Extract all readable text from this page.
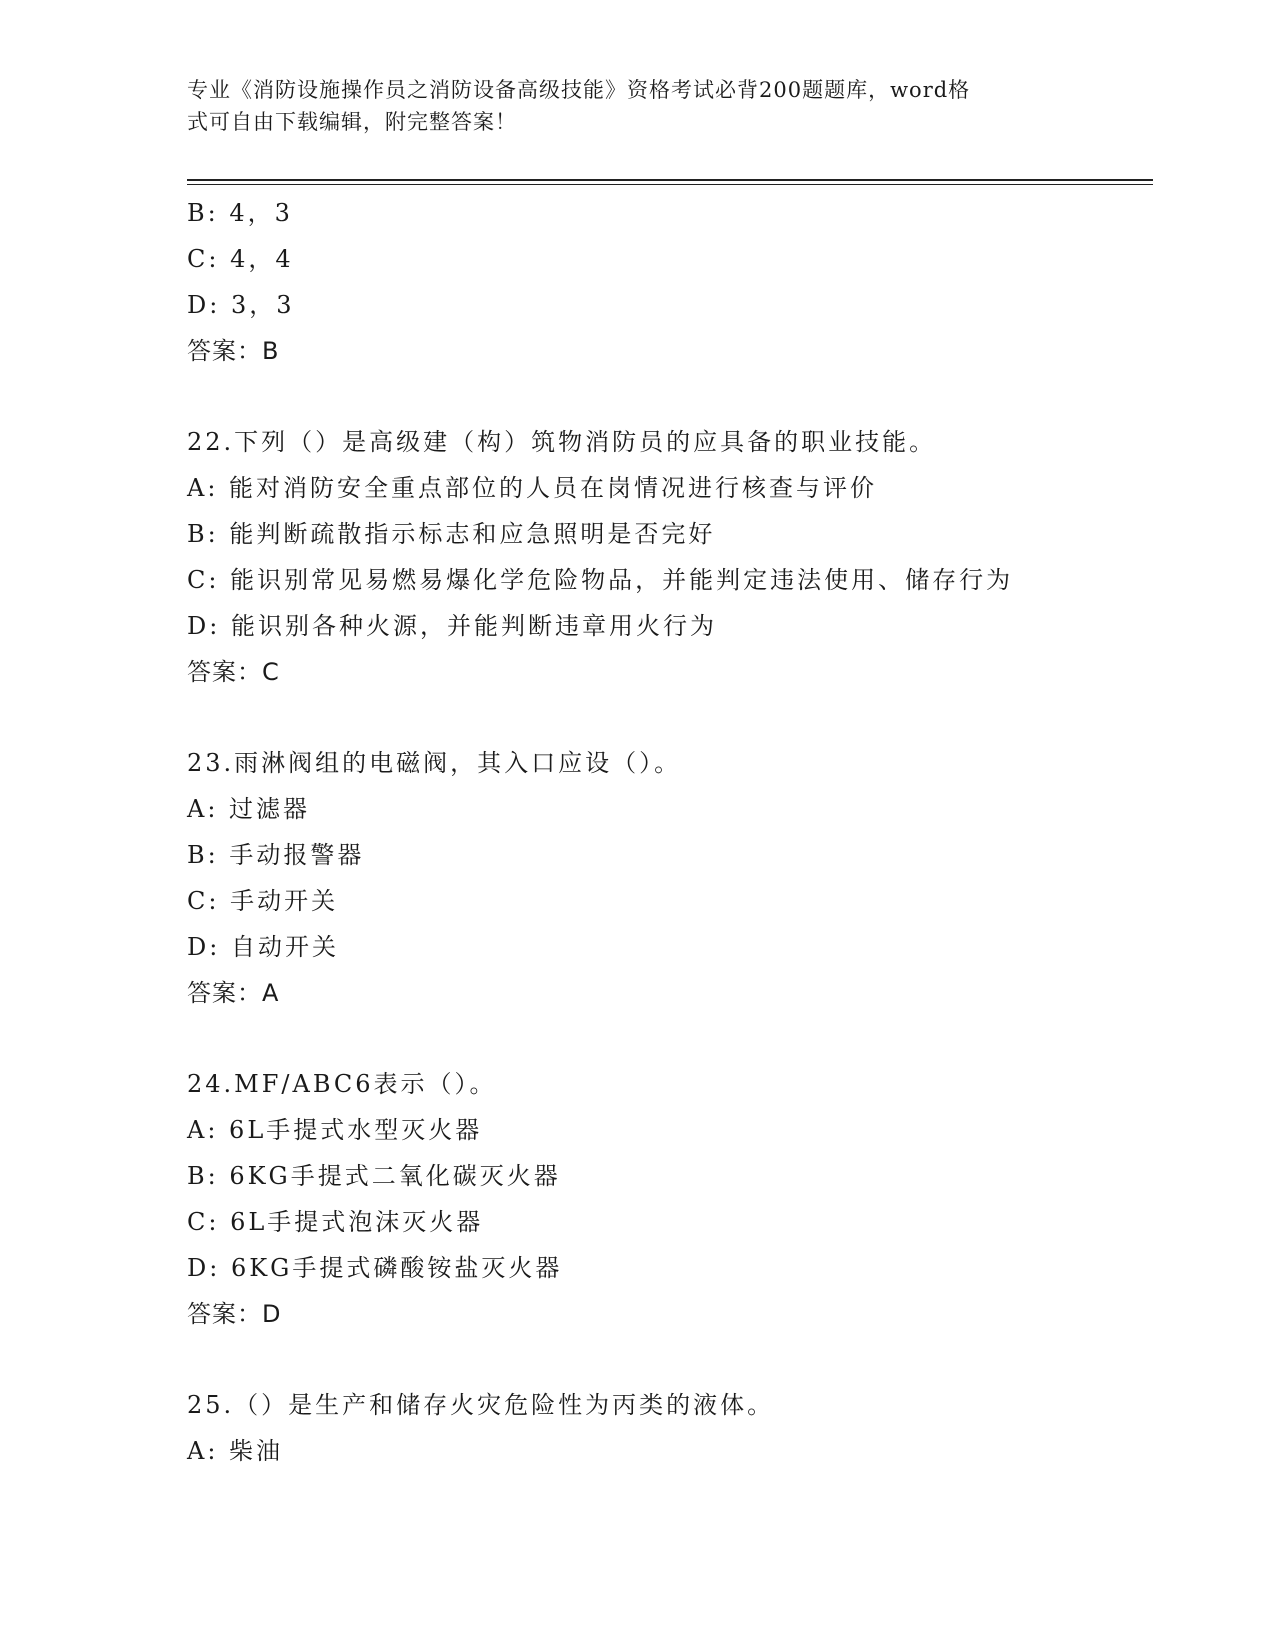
专业《消防设施操作员之消防设备高级技能》资格考试必背200题题库，word格
式可自由下载编辑，附完整答案！
B: 4，3
C: 4，4
D: 3，3
答案：B
22.下列（）是高级建（构）筑物消防员的应具备的职业技能。
A: 能对消防安全重点部位的人员在岗情况进行核查与评价
B: 能判断疏散指示标志和应急照明是否完好
C: 能识别常见易燃易爆化学危险物品，并能判定违法使用、储存行为
D: 能识别各种火源，并能判断违章用火行为
答案：C
23.雨淋阀组的电磁阀，其入口应设（）。
A: 过滤器
B: 手动报警器
C: 手动开关
D: 自动开关
答案：A
24.MF/ABC6表示（）。
A: 6L手提式水型灭火器
B: 6KG手提式二氧化碳灭火器
C: 6L手提式泡沫灭火器
D: 6KG手提式磷酸铵盐灭火器
答案：D
25.（）是生产和储存火灾危险性为丙类的液体。
A: 柴油
